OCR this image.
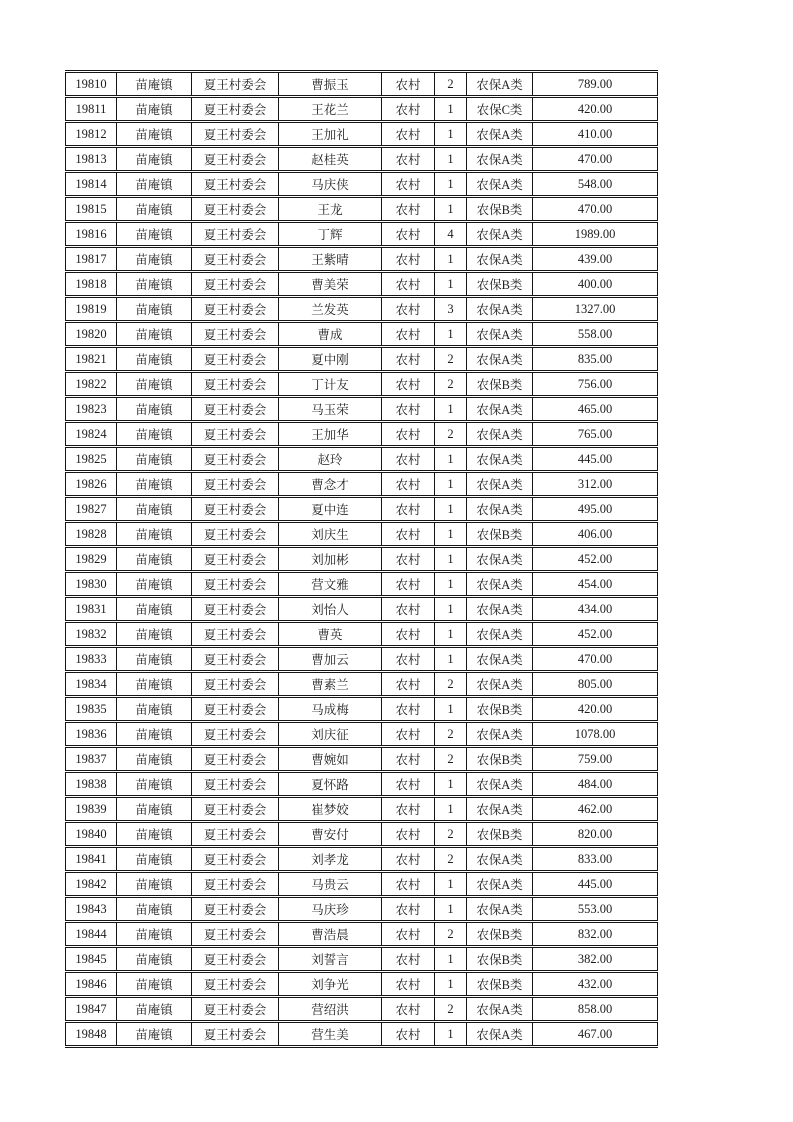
19810	苗庵镇	夏王村委会	曹振玉	农村	2	农保A类	789.00
19811	苗庵镇	夏王村委会	王花兰	农村	1	农保C类	420.00
19812	苗庵镇	夏王村委会	王加礼	农村	1	农保A类	410.00
19813	苗庵镇	夏王村委会	赵桂英	农村	1	农保A类	470.00
19814	苗庵镇	夏王村委会	马庆侠	农村	1	农保A类	548.00
19815	苗庵镇	夏王村委会	王龙	农村	1	农保B类	470.00
19816	苗庵镇	夏王村委会	丁辉	农村	4	农保A类	1989.00
19817	苗庵镇	夏王村委会	王紫晴	农村	1	农保A类	439.00
19818	苗庵镇	夏王村委会	曹美荣	农村	1	农保B类	400.00
19819	苗庵镇	夏王村委会	兰发英	农村	3	农保A类	1327.00
19820	苗庵镇	夏王村委会	曹成	农村	1	农保A类	558.00
19821	苗庵镇	夏王村委会	夏中刚	农村	2	农保A类	835.00
19822	苗庵镇	夏王村委会	丁计友	农村	2	农保B类	756.00
19823	苗庵镇	夏王村委会	马玉荣	农村	1	农保A类	465.00
19824	苗庵镇	夏王村委会	王加华	农村	2	农保A类	765.00
19825	苗庵镇	夏王村委会	赵玲	农村	1	农保A类	445.00
19826	苗庵镇	夏王村委会	曹念才	农村	1	农保A类	312.00
19827	苗庵镇	夏王村委会	夏中连	农村	1	农保A类	495.00
19828	苗庵镇	夏王村委会	刘庆生	农村	1	农保B类	406.00
19829	苗庵镇	夏王村委会	刘加彬	农村	1	农保A类	452.00
19830	苗庵镇	夏王村委会	营文雅	农村	1	农保A类	454.00
19831	苗庵镇	夏王村委会	刘怡人	农村	1	农保A类	434.00
19832	苗庵镇	夏王村委会	曹英	农村	1	农保A类	452.00
19833	苗庵镇	夏王村委会	曹加云	农村	1	农保A类	470.00
19834	苗庵镇	夏王村委会	曹素兰	农村	2	农保A类	805.00
19835	苗庵镇	夏王村委会	马成梅	农村	1	农保B类	420.00
19836	苗庵镇	夏王村委会	刘庆征	农村	2	农保A类	1078.00
19837	苗庵镇	夏王村委会	曹婉如	农村	2	农保B类	759.00
19838	苗庵镇	夏王村委会	夏怀路	农村	1	农保A类	484.00
19839	苗庵镇	夏王村委会	崔梦姣	农村	1	农保A类	462.00
19840	苗庵镇	夏王村委会	曹安付	农村	2	农保B类	820.00
19841	苗庵镇	夏王村委会	刘孝龙	农村	2	农保A类	833.00
19842	苗庵镇	夏王村委会	马贵云	农村	1	农保A类	445.00
19843	苗庵镇	夏王村委会	马庆珍	农村	1	农保A类	553.00
19844	苗庵镇	夏王村委会	曹浩晨	农村	2	农保B类	832.00
19845	苗庵镇	夏王村委会	刘誓言	农村	1	农保B类	382.00
19846	苗庵镇	夏王村委会	刘争光	农村	1	农保B类	432.00
19847	苗庵镇	夏王村委会	营绍洪	农村	2	农保A类	858.00
19848	苗庵镇	夏王村委会	营生美	农村	1	农保A类	467.00
